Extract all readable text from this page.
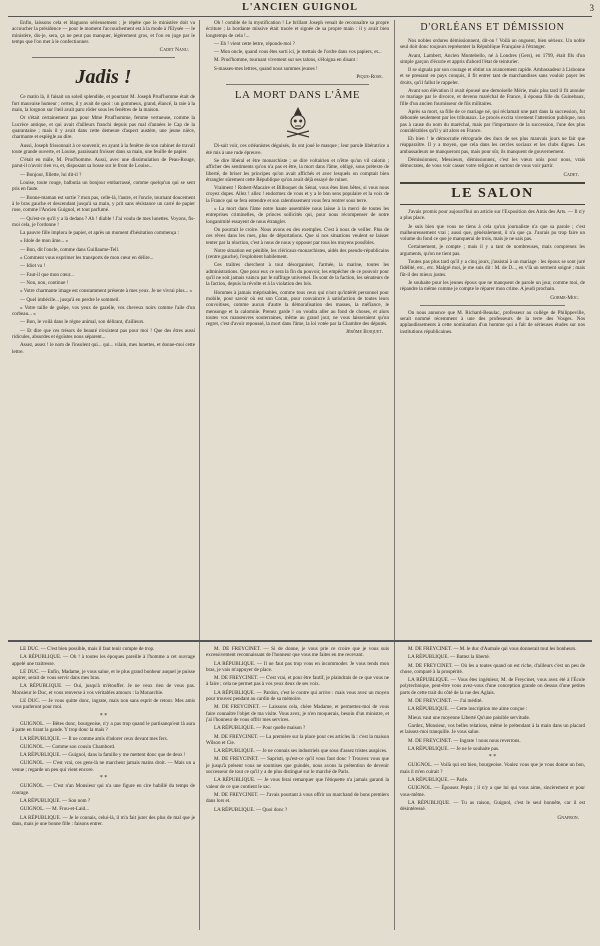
L'ANCIEN GUIGNOL	3

Enfin, laissons cela et blaguons sérieusement ; je répète que le ministère doit va accoucher la présidence — pour le moment l'accouchement est à la mode à l'Elysée — le ministère, dis-je, sera, ça ne peut pas manquer, légèrement gros, et l'on en juge par le temps que l'on met à le confectionner.

Cadet Nanu.
Jadis !

Ce matin là, il faisait un soleil splendide, et pourtant M. Joseph Prud'homme était de fort mauvaise humeur ; certes, il y avait de quoi : un gommeux, grand, élancé, la raie à la main, la lorgnon sur l'œil avait paru rôder sous les fenêtres de la maison.

Or s'était certainement pas pour Mme Prud'homme, femme vertueuse, comme la Lucrèce antique, et qui avait d'ailleurs franchi depuis pas mal d'années le Cap de la quarantaine ; mais il y avait dans cette demeure d'aspect austère, une jeune nièce, charmante et espiègle au dire.

Aussi, Joseph frissonnait à ce souvenir, en ayant à la fenêtre de son cabinet de travail toute grande ouverte, et Louise, paraissant froisser dans sa main, une feuille de papier.

C'était en mâle, M. Prud'homme. Aussi, avec une dissimulation de Peau-Rouge, parut-il n'avoir rien vu, et, disposant sa bosse sur le front de Louise...

— Bonjour, fillette, lui dit-il ?

Louise, toute rouge, balbutia un bonjour embarrassé, comme quelqu'un qui se sent pris en faute.

— Bonne-maman est sortie ? mon pas, celle-là, l'autre, et l'oncle, tournant doucement à le bras gauche et descendant jusqu'à sa main, y prit sans résistance un carré de papier rose, comme l'Ancien Guignol, et tout parfumé.

— Qu'est-ce qu'il y a là dedans ? Ah ! diable ! J'ai voulu de mes lunettes. Voyons, fis-moi cela, je l'ordonne !

La pauvre fille implora le papier, et après un moment d'hésitation commença :

« Idole de mon âme... »

— Bon, dit l'oncle, comme dans Guillaume-Tell.

« Comment vous exprimer les transports de mon cœur en délire...

— Idiot va !

— Faut-il que mon cœur...

— Non, non, continue !

« Votre charmante image est constamment présente à mes yeux. Je ne vivrai plus... »

— Quel imbécile... jusqu'à en perdre le sommeil.

« Votre taille de guêpe, vos yeux de gazelle, vos cheveux noirs comme l'aile d'un corbeau... »

— Bon, le voilà dans le règne animal, son délirant, d'ailleurs.

— Et dire que ces trésors de beauté n'existent pas pour moi ! Que des êtres aussi ridicules, absurdes et égoïstes nous séparent...

Assez, assez ! le nom de l'insolent qui... qui... vilain, mes lunettes, et donne-moi cette lettre.

Oh ! comble de la mystification ! Le brillant Joseph venait de reconnaître sa propre écriture ; la bordante missive était tracée et signée de sa propre main : il y avait bien longtemps de cela !...

— Eh ! vient cette lettre, réponds-moi ?

— Mon oncle, quand vous êtes sorti ici, je mettais de l'ordre dans vos papiers, et...

M. Prud'homme, tournant vivement sur ses talons, s'éloigna en disant :

S-masses-mes lettres, quand nous sommes jeunes !

Pique-Rose.
LA MORT DANS L'ÂME

Di-sait voir, ces orléanistes déguisés, ils ont joué le masque ; leur parole libératrice a été mis à une rude épreuve.

Se dire libéral et être monarchiste ; se dire voltairien et n'être qu'un vil calotin ; afficher des sentiments qu'on n'a pas et être, la mort dans l'âme, obligé, sous prétexte de liberté, de briser les principes qu'on avait affichés et avec lesquels on comptait bien étrangler sûrement cette République qu'on avait déjà essayé de ruiner.

Vraiment ! Robert-Macaire et Bilboquet du Sénat, vous êtes bien bêtes, si vous nous croyez dupes. Allez ! allez ! endormez de vous et y a le bon sens populaire et la voix de la France qui se fera entendre et son ralentissement vous fera rentrer sous terre.

« La mort dans l'âme notre haute assemblée nous laisse à la merci de toutes les entreprises criminelles, de princes sollicités qui, pour nous récompenser de notre longanimité essayent de nous étrangler.

On pourrait le croire. Nous avons eu des exemples. C'est à nous de veiller. Plus de ces rêves dans les rues, plus de déportations. Que si nos situations veulent se laisser tenter par la réaction, c'est à nous de nous y opposer par tous les moyens possibles.

Notre situation est pénible, les cléricaux-monarchistes, aidés des pseudo-républicains (centre gauche), l'exploitent habilement.

Ces traîtres cherchent à tout désorganiser, l'armée, la marine, toutes les administrations. Que pour eux ce sera la fin du pouvoir, les empêcher de ce pouvoir pour qu'il ne soit jamais vaincu par le suffrage universel. Ils sont de la faction, les sénateurs de la faction, depuis la révolte et à la violation des lois.

Hommes à jamais méprisables, comme tous ceux qui n'ont qu'intérêt personnel pour mobile, pour savoir où est son Coran, pour convaincre à satisfaction de toutes leurs convoitises, comme aucun d'autre la démoralisation des masses, la méfiance, le mensonge et la calomnie. Prenez garde ! on voudra aller au fond de choses, et alors toutes vos manœuvres souterraines, même au grand jour, ne vous laisseraient qu'un regret, c'est d'avoir repoussé, la mort dans l'âme, la loi votée par la Chambre des députés.

Jérôme Boiquet.
D'ORLÉANS ET DÉMISSION

Nos nobles ordures démissionnent, dit-on ! Voilà un onguent, bien sérieux. Un noble seul doit donc toujours représenter la République Française à l'étranger.

Avant, Lambert, Ancien Montebello, né à Londres (Gers), en 1799, était fils d'un simple garçon d'écurie et appris d'abord l'état de teinturier.

Il se signala par son courage et obtint un avancement rapide. Ambassadeur à Lisbonne et se pressant en pays conquis, il fit entrer tant de marchandises sans vouloir payer les droits, qu'il fallut le rappeler.

Avant son élévation il avait épousé une demoiselle Mérie, mais plus tard il fit annuler ce mariage par le divorce, et devenu maréchal de France, il épousa fille du Guinebaux, fille d'un ancien fournisseur de fils militaires.

Après sa mort, sa fille de ce mariage né, qui réclamait une part dans la succession, fut déboutée seulement par les tribunaux. Le procès excita vivement l'attention publique, non pas à cause du nom du maréchal, mais par l'importance de la succession, l'une des plus considérables qu'il y ait alors en France.

Eh bien ! le démocratie rétrograde des ducs de ses plus mauvais jours ne fait que réapparaître. Il y a moyen, que cela dans les cercles sociaux et les clubs dignes. Les ambassadeurs ne manqueront pas, mais pour sûr, ils manquent de gouvernement.

Démissionnez, Messieurs, démissionnez, c'est les vœux unis pour nous, vrais démocrates, de vous voir casser votre religion et surtout de vous voir partir.

Cadet.
LE SALON

J'avais promis pour aujourd'hui un article sur l'Exposition des Amis des Arts. — Il n'y a plus place.

Je suis bien que vous ne tiens à cela qu'un journaliste n'a que sa parole ; c'est malheureusement vrai ; aussi que, généralement, il n'a que ça. J'aurais pu trop faire un volume du fond ce que je manquerai de trois, mais je ne sais pas.

Certainement, je compte ; mais il y a tant de nombreuses, mais comprenez les arguments, qu'on ne tient pas.

Toutes pas plus tard qu'il y a cinq jours, j'assistai à un mariage : les époux se sont juré fidélité, etc., etc. Malgré moi, je me suis dit : M. de D..., en v'là un serment soigné ; mais fût-il des mieux justes.

Je souhaite pour les jeunes époux que ne manquent de parole un jour, comme moi, de répandre la même comme je compte le réparer mon crime. A jeudi prochain.

Gorme-Moc.

On nous annonce que M. Richard-Beaulac, professeur au collège de Philippeville, serait nommé récemment à une des professeurs de la terre des Vosges. Nos applaudissements à cette nomination d'un homme qui a fait de sérieuses études sur nos institutions républicaines.

LE DUC. — C'est bien possible, mais il faut tenir compte de trop.

LA RÉPUBLIQUE. — Oh ! à toutes les époques pareille à l'homme a cet ouvrage appelé une traitresse.

LE DUC. — Enfin, Madame, je vous salue, et le plus grand bonheur auquel je puisse aspirer, serait de vous servir dans mes bras.

LA RÉPUBLIQUE. — Oui, jusqu'à m'étouffer. Je ne veux rien de vous pas. Monsieur le Duc, et vous renverse à vos véritables amours : la Monarchie.

LE DUC. — Je vous quitte donc, ingrate, mais non sans esprit de retour. Mes amis vous parleront pour moi.

* *

GUIGNOL. — Bêtes donc, bourgeoise, n'y a pas trop quand le partisanqu'eut là aura à patte en tirant la gande. Y trop donc la maïs ?

LA RÉPUBLIQUE. — Il ne comme amis d'adorer ceux devant mes fers.

GUIGNOL. — Comme son cousin Chambord.

LA RÉPUBLIQUE. — Guignol, dans la famille y me mettent donc que de deux !

GUIGNOL. — C'est vrai, ces gens-là ne marchent jamais mains droit. — Mais un a venue ; regarde un peu qui vient encore.

* *

GUIGNOL. — C'est n'an Monsieur qui n'a une figure en cire habillé du temps de courage.

LA RÉPUBLIQUE. — Son nom ?

GUIGNOL. — M. Frou-et-Laid...

LA RÉPUBLIQUE. — Je le connais, celui-là, il m'a fait jurer des plus de mal que je dans, mais je une bonne fille : faisons entrer.

M. DE FREYCINET. — Si de donne, je vous prie ce croire que je vous suis excessivement reconnaissant de l'honneur que vous me faites en me recevant.

LA RÉPUBLIQUE. — Il ne faut pas trop vous en incommoder. Je vous tends mon bras, je vais m'appuyer de place.

M. DE FREYCINET. — C'est vrai, et pour être fautif, je plaindrais de ce que vous ne à faire ; cela ne permet pas à vos yeux deux de ses voix.

LA RÉPUBLIQUE. — Pardon, c'est le contre qui arrive : mais vous avez un moyen pour trouvez pendant au cardin de sa mémoire.

M. DE FREYCINET. — Laissons cela, chère Madame, et permettez-moi de vous faire connaître l'objet de ma visite. Vous avez, je n'en moquerais, besoin d'un ministre, et j'ai l'honneur de vous offrir mes services.

LA RÉPUBLIQUE. — Pour quelle maison ?

M. DE FREYCINET. — La première sur la place pour ces articles là : c'est la maison Wilson et Cie.

LA RÉPUBLIQUE. — Je ne connais ses industriels que sous d'assez tristes auspices.

M. DE FREYCINET. — Sapristi, qu'est-ce qu'il vous faut donc ? Trouvez vous que je jusqu'à présent vous ne soumises que guindés, nous avons la prétention de devenir successeur de tout ce qu'il y a de plus distingué sur le marché de Paris.

LA RÉPUBLIQUE. — Je vous ferai remarquer que l'étiquette n'a jamais garanti la valeur de ce que contient le sac.

M. DE FREYCINET. — J'avais pourtant à vous offrir un marchand de bons premiers dans lors et.

LA RÉPUBLIQUE. — Quoi donc ?

M. DE FREYCINET. — M. le duc d'Aumale qui vous donnerait tout les bonheurs.

LA RÉPUBLIQUE. — Battez la liberté.

M. DE FREYCINET. — Où les a toutes quand on est riche, d'ailleurs c'est un peu de chose, comparé à la prospérité.

LA RÉPUBLIQUE. — Vous êtes ingénieur, M. de Freycinet, vous avez été à l'École polytechnique, peut-être vous avez-vous d'une conception grande on dessus d'une petites parts de cette trait du côté de la rue des Aglais.

M. DE FREYCINET. — J'ai médité.

LA RÉPUBLIQUE. — Cette inscription me aime conçue :

Mieux vaut une moyenne Liberté Qu'une paisible servitude.

Gardez, Monsieur, vos belles relations, même le prétendant à la main dans un placard et laissez-moi tranquille. Je vous salue.

M. DE FREYCINET. — Ingrate ! nous nous reverrons.

LA RÉPUBLIQUE. — Je ne le souhaite pas.

* *

GUIGNOL. — Voilà qui est bien, bourgeoise. Voulez vous que je vous donne un bon, mais il m'en cuirait ?

LA RÉPUBLIQUE. — Parle.

GUIGNOL. — Épousez Pepin ; il n'y a que lui qui vous aime, sincèrement et pour vous-même.

LA RÉPUBLIQUE. — Tu as raison, Guignol, c'est le seul honnête, car il est désintéressé.

Gnafron.
